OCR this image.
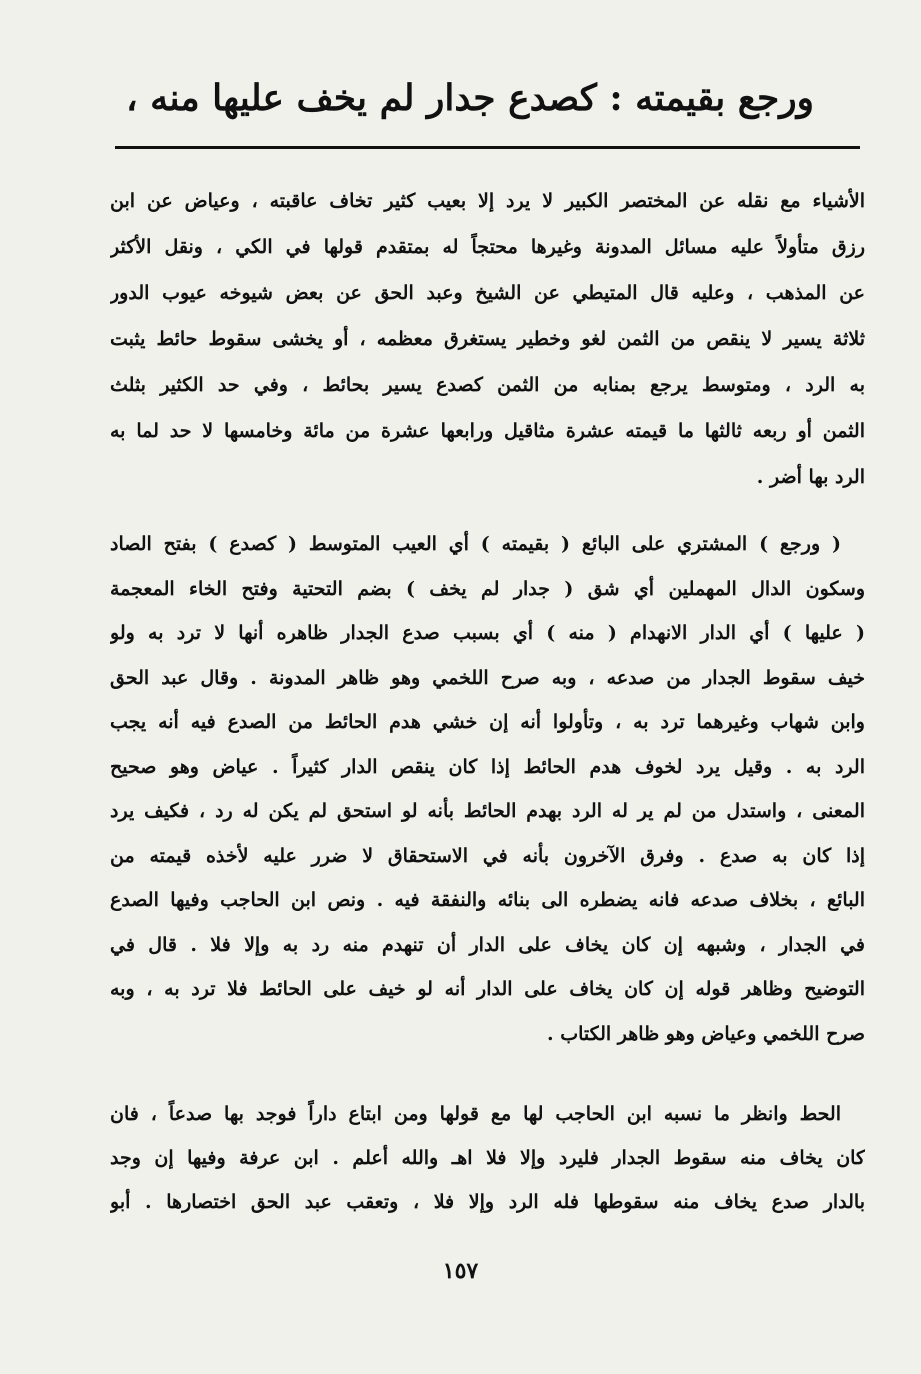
ورجع بقيمته : كصدع جدار لم يخف عليها منه ،
الأشياء مع نقله عن المختصر الكبير لا يرد إلا بعيب كثير تخاف عاقبته ، وعياض عن ابن
رزق متأولاً عليه مسائل المدونة وغيرها محتجاً له بمتقدم قولها في الكي ، ونقل الأكثر
عن المذهب ، وعليه قال المتيطي عن الشيخ وعبد الحق عن بعض شيوخه عيوب الدور
ثلاثة يسير لا ينقص من الثمن لغو وخطير يستغرق معظمه ، أو يخشى سقوط حائط يثبت
به الرد ، ومتوسط يرجع بمنابه من الثمن كصدع يسير بحائط ، وفي حد الكثير بثلث
الثمن أو ربعه ثالثها ما قيمته عشرة مثاقيل ورابعها عشرة من مائة وخامسها لا حد لما به
الرد بها أضر .
( ورجع ) المشتري على البائع ( بقيمته ) أي العيب المتوسط ( كصدع ) بفتح الصاد
وسكون الدال المهملين أي شق ( جدار لم يخف ) بضم التحتية وفتح الخاء المعجمة
( عليها ) أي الدار الانهدام ( منه ) أي بسبب صدع الجدار ظاهره أنها لا ترد به ولو
خيف سقوط الجدار من صدعه ، وبه صرح اللخمي وهو ظاهر المدونة . وقال عبد الحق
وابن شهاب وغيرهما ترد به ، وتأولوا أنه إن خشي هدم الحائط من الصدع فيه أنه يجب
الرد به . وقيل يرد لخوف هدم الحائط إذا كان ينقص الدار كثيراً . عياض وهو صحيح
المعنى ، واستدل من لم ير له الرد بهدم الحائط بأنه لو استحق لم يكن له رد ، فكيف يرد
إذا كان به صدع . وفرق الآخرون بأنه في الاستحقاق لا ضرر عليه لأخذه قيمته من
البائع ، بخلاف صدعه فانه يضطره الى بنائه والنفقة فيه . ونص ابن الحاجب وفيها الصدع
في الجدار ، وشبهه إن كان يخاف على الدار أن تنهدم منه رد به وإلا فلا . قال في
التوضيح وظاهر قوله إن كان يخاف على الدار أنه لو خيف على الحائط فلا ترد به ، وبه
صرح اللخمي وعياض وهو ظاهر الكتاب .
الحط وانظر ما نسبه ابن الحاجب لها مع قولها ومن ابتاع داراً فوجد بها صدعاً ، فان
كان يخاف منه سقوط الجدار فليرد وإلا فلا اهـ والله أعلم . ابن عرفة وفيها إن وجد
بالدار صدع يخاف منه سقوطها فله الرد وإلا فلا ، وتعقب عبد الحق اختصارها . أبو
١٥٧
